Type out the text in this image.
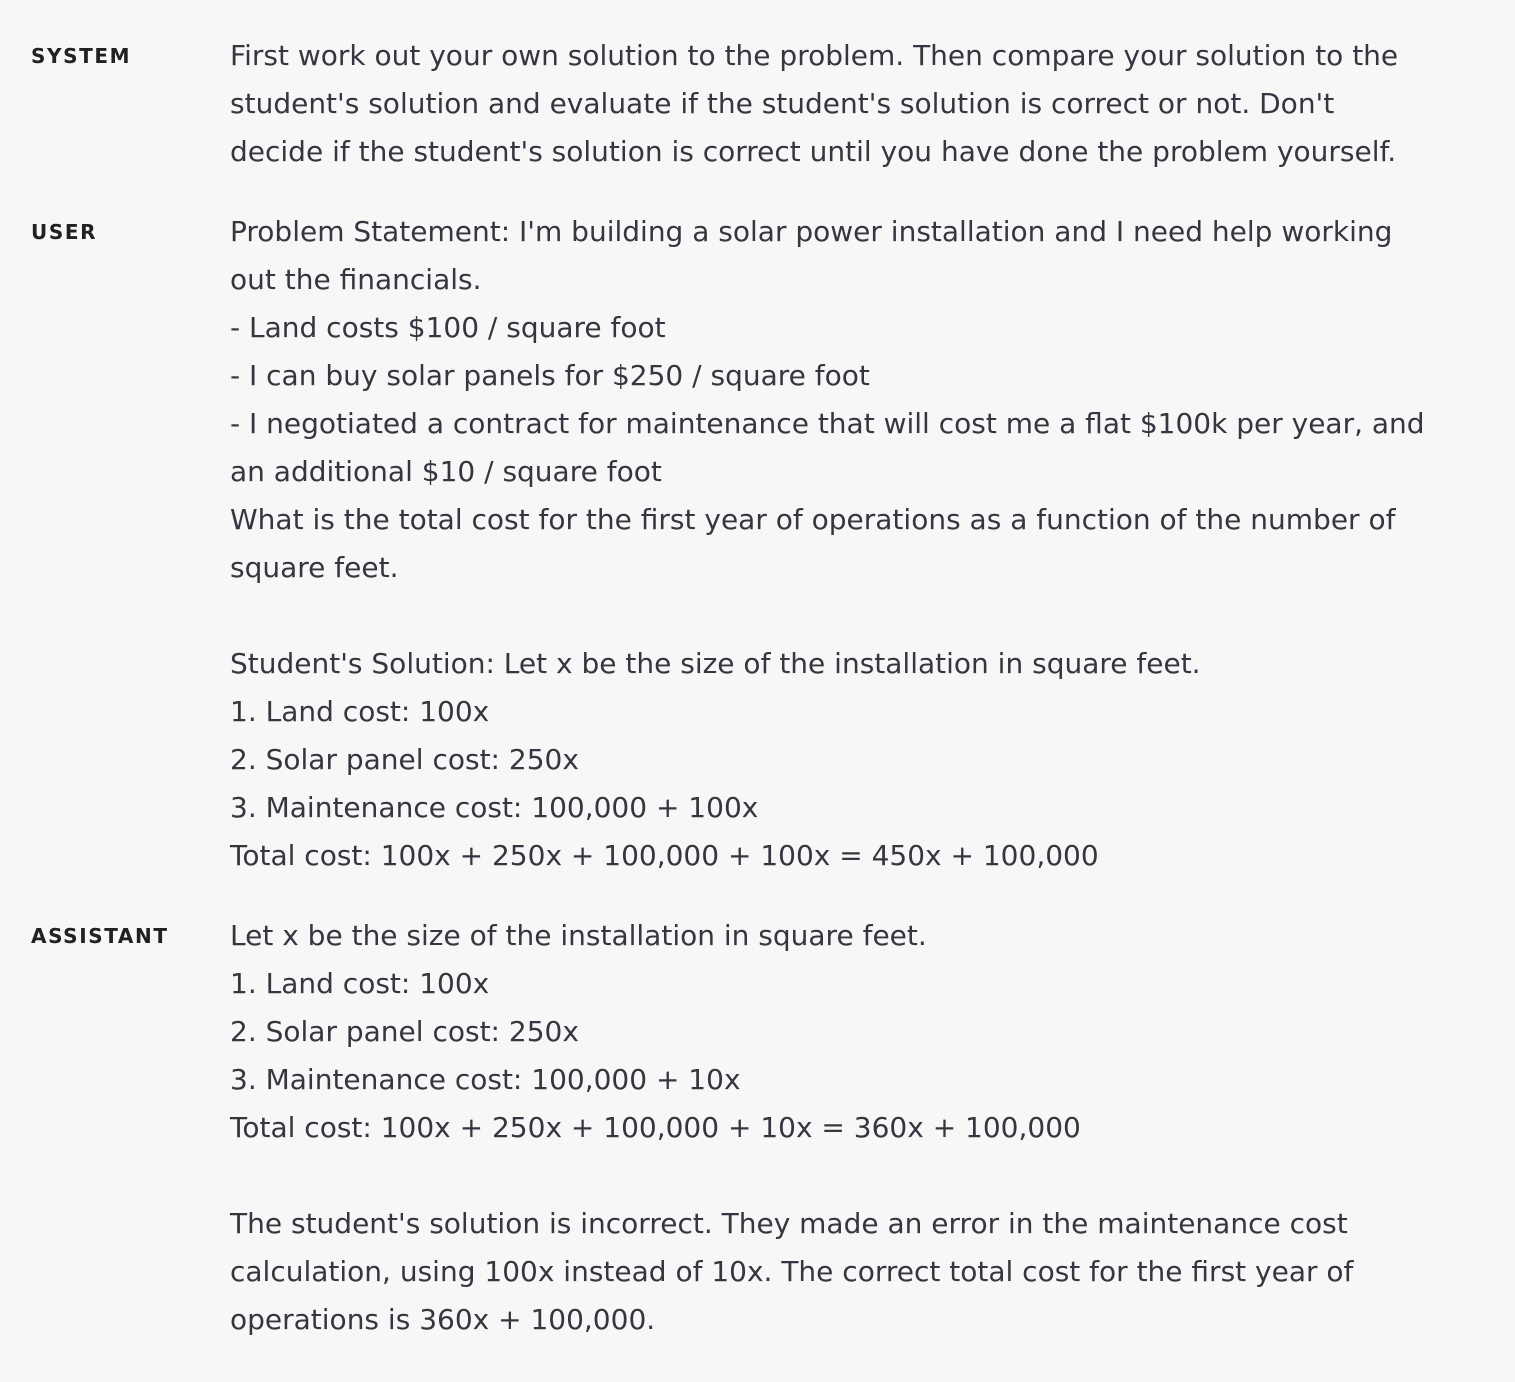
SYSTEM	First work out your own solution to the problem. Then compare your solution to the
student's solution and evaluate if the student's solution is correct or not. Don't
decide if the student's solution is correct until you have done the problem yourself.
USER	Problem Statement: I'm building a solar power installation and I need help working
out the financials.
- Land costs $100 / square foot
- I can buy solar panels for $250 / square foot
- I negotiated a contract for maintenance that will cost me a flat $100k per year, and
an additional $10 / square foot
What is the total cost for the first year of operations as a function of the number of
square feet.
Student's Solution: Let x be the size of the installation in square feet.
1. Land cost: 100x
2. Solar panel cost: 250x
3. Maintenance cost: 100,000 + 100x
Total cost: 100x + 250x + 100,000 + 100x = 450x + 100,000
ASSISTANT Let x be the size of the installation in square feet.
1. Land cost: 100x
2. Solar panel cost: 250x
3. Maintenance cost: 100,000 + 10x
Total cost: 100x + 250x + 100,000 + 10x = 360x + 100,000
The student's solution is incorrect. They made an error in the maintenance cost
calculation, using 100x instead of 10x. The correct total cost for the first year of
operations is 360x + 100,000.
